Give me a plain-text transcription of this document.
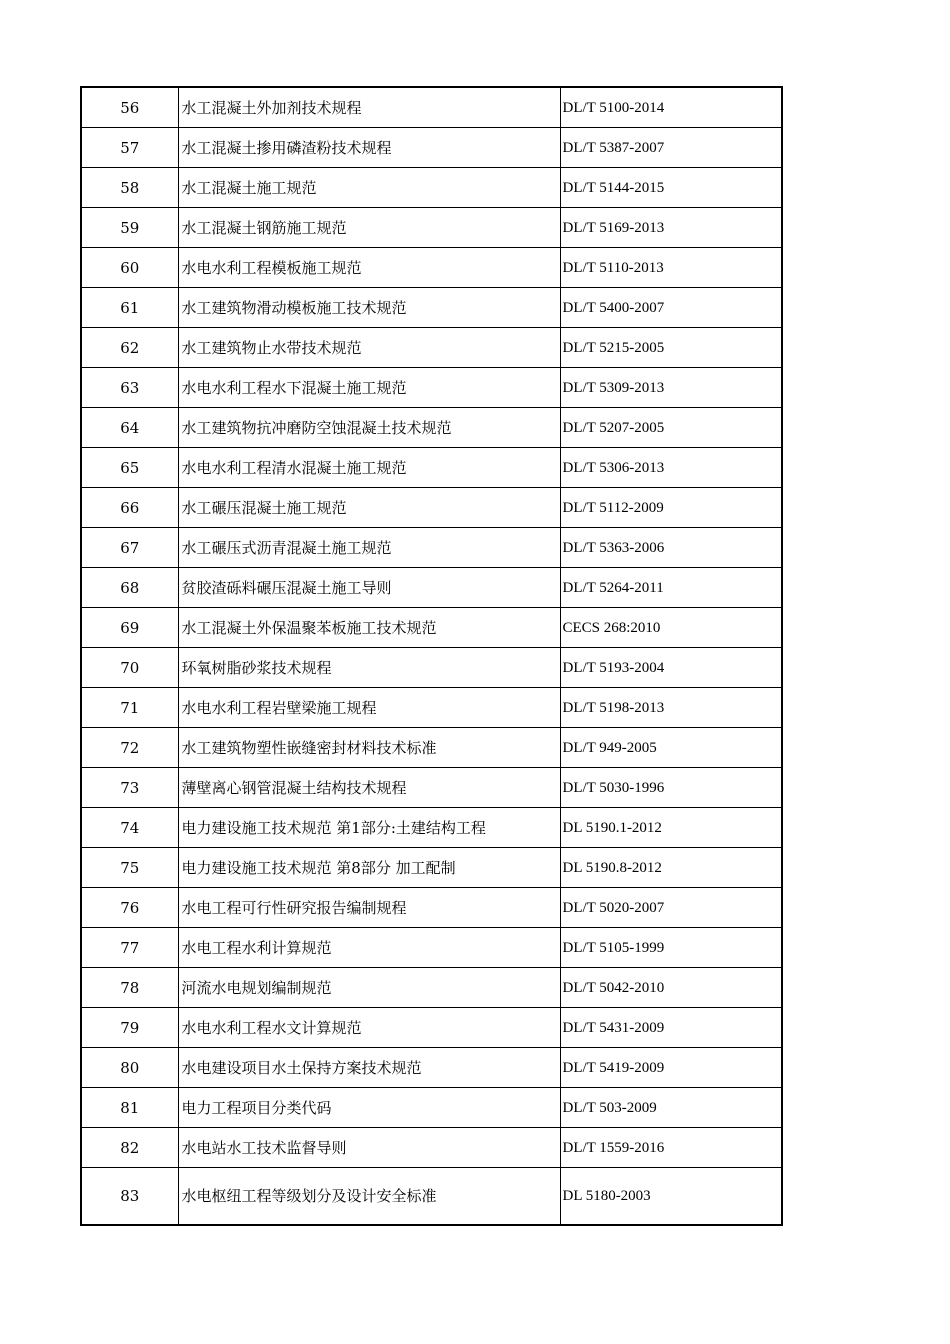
56	水工混凝土外加剂技术规程	DL/T 5100-2014
57	水工混凝土掺用磷渣粉技术规程	DL/T 5387-2007
58	水工混凝土施工规范	DL/T 5144-2015
59	水工混凝土钢筋施工规范	DL/T 5169-2013
60	水电水利工程模板施工规范	DL/T 5110-2013
61	水工建筑物滑动模板施工技术规范	DL/T 5400-2007
62	水工建筑物止水带技术规范	DL/T 5215-2005
63	水电水利工程水下混凝土施工规范	DL/T 5309-2013
64	水工建筑物抗冲磨防空蚀混凝土技术规范	DL/T 5207-2005
65	水电水利工程清水混凝土施工规范	DL/T 5306-2013
66	水工碾压混凝土施工规范	DL/T 5112-2009
67	水工碾压式沥青混凝土施工规范	DL/T 5363-2006
68	贫胶渣砾料碾压混凝土施工导则	DL/T 5264-2011
69	水工混凝土外保温聚苯板施工技术规范	CECS 268:2010
70	环氧树脂砂浆技术规程	DL/T 5193-2004
71	水电水利工程岩壁梁施工规程	DL/T 5198-2013
72	水工建筑物塑性嵌缝密封材料技术标准	DL/T 949-2005
73	薄壁离心钢管混凝土结构技术规程	DL/T 5030-1996
74	电力建设施工技术规范 第1部分:土建结构工程	DL 5190.1-2012
75	电力建设施工技术规范 第8部分 加工配制	DL 5190.8-2012
76	水电工程可行性研究报告编制规程	DL/T 5020-2007
77	水电工程水利计算规范	DL/T 5105-1999
78	河流水电规划编制规范	DL/T 5042-2010
79	水电水利工程水文计算规范	DL/T 5431-2009
80	水电建设项目水土保持方案技术规范	DL/T 5419-2009
81	电力工程项目分类代码	DL/T 503-2009
82	水电站水工技术监督导则	DL/T 1559-2016
83	水电枢纽工程等级划分及设计安全标准	DL 5180-2003
